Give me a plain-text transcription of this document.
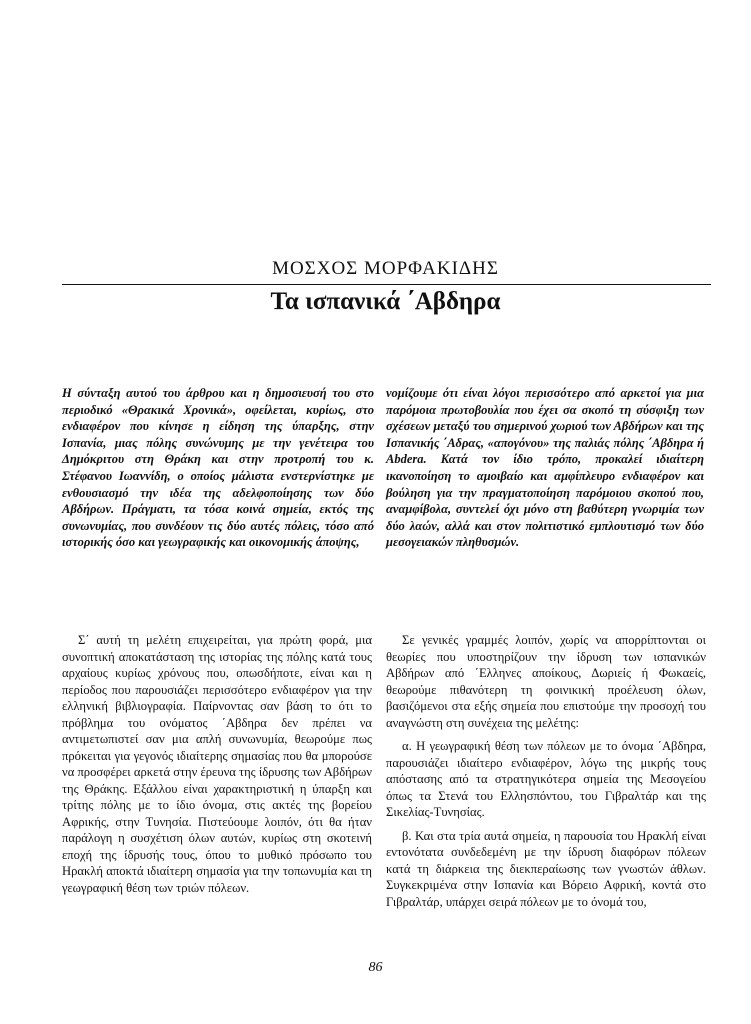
ΜΟΣΧΟΣ ΜΟΡΦΑΚΙΔΗΣ
Τα ισπανικά ΄Αβδηρα
Η σύνταξη αυτού του άρθρου και η δημοσιευσή του στο περιοδικό «Θρακικά Χρονικά», οφείλεται, κυρίως, στο ενδιαφέρον που κίνησε η είδηση της ύπαρξης, στην Ισπανία, μιας πόλης συνώνυμης με την γενέτειρα του Δημόκριτου στη Θράκη και στην προτροπή του κ. Στέφανου Ιωαννίδη, ο οποίος μάλιστα ενστερνίστηκε με ενθουσιασμό την ιδέα της αδελφοποίησης των δύο Αβδήρων. Πράγματι, τα τόσα κοινά σημεία, εκτός της συνωνυμίας, που συνδέουν τις δύο αυτές πόλεις, τόσο από ιστορικής όσο και γεωγραφικής και οικονομικής άποψης,
νομίζουμε ότι είναι λόγοι περισσότερο από αρκετοί για μια παρόμοια πρωτοβουλία που έχει σα σκοπό τη σύσφιξη των σχέσεων μεταξύ του σημερινού χωριού των Αβδήρων και της Ισπανικής ΄Αδρας, «απογόνου» της παλιάς πόλης ΄Αβδηρα ή Abdera. Κατά τον ίδιο τρόπο, προκαλεί ιδιαίτερη ικανοποίηση το αμοιβαίο και αμφίπλευρο ενδιαφέρον και βούληση για την πραγματοποίηση παρόμοιου σκοπού που, αναμφίβολα, συντελεί όχι μόνο στη βαθύτερη γνωριμία των δύο λαών, αλλά και στον πολιτιστικό εμπλουτισμό των δύο μεσογειακών πληθυσμών.

Σ΄ αυτή τη μελέτη επιχειρείται, για πρώτη φορά, μια συνοπτική αποκατάσταση της ιστορίας της πόλης κατά τους αρχαίους κυρίως χρόνους που, οπωσδήποτε, είναι και η περίοδος που παρουσιάζει περισσότερο ενδιαφέρον για την ελληνική βιβλιογραφία. Παίρνοντας σαν βάση το ότι το πρόβλημα του ονόματος ΄Αβδηρα δεν πρέπει να αντιμετωπιστεί σαν μια απλή συνωνυμία, θεωρούμε πως πρόκειται για γεγονός ιδιαίτερης σημασίας που θα μπορούσε να προσφέρει αρκετά στην έρευνα της ίδρυσης των Αβδήρων της Θράκης. Εξάλλου είναι χαρακτηριστική η ύπαρξη και τρίτης πόλης με το ίδιο όνομα, στις ακτές της βορείου Αφρικής, στην Τυνησία. Πιστεύουμε λοιπόν, ότι θα ήταν παράλογη η συσχέτιση όλων αυτών, κυρίως στη σκοτεινή εποχή της ίδρυσής τους, όπου το μυθικό πρόσωπο του Ηρακλή αποκτά ιδιαίτερη σημασία για την τοπωνυμία και τη γεωγραφική θέση των τριών πόλεων.

Σε γενικές γραμμές λοιπόν, χωρίς να απορρίπτονται οι θεωρίες που υποστηρίζουν την ίδρυση των ισπανικών Αβδήρων από ΄Ελληνες αποίκους, Δωριείς ή Φωκαείς, θεωρούμε πιθανότερη τη φοινικική προέλευση όλων, βασιζόμενοι στα εξής σημεία που επιστούμε την προσοχή του αναγνώστη στη συνέχεια της μελέτης:

α. Η γεωγραφική θέση των πόλεων με το όνομα ΄Αβδηρα, παρουσιάζει ιδιαίτερο ενδιαφέρον, λόγω της μικρής τους απόστασης από τα στρατηγικότερα σημεία της Μεσογείου όπως τα Στενά του Ελλησπόντου, του Γιβραλτάρ και της Σικελίας-Τυνησίας.

β. Και στα τρία αυτά σημεία, η παρουσία του Ηρακλή είναι εντονότατα συνδεδεμένη με την ίδρυση διαφόρων πόλεων κατά τη διάρκεια της διεκπεραίωσης των γνωστών άθλων. Συγκεκριμένα στην Ισπανία και Βόρειο Αφρική, κοντά στο Γιβραλτάρ, υπάρχει σειρά πόλεων με το όνομά του,

86
